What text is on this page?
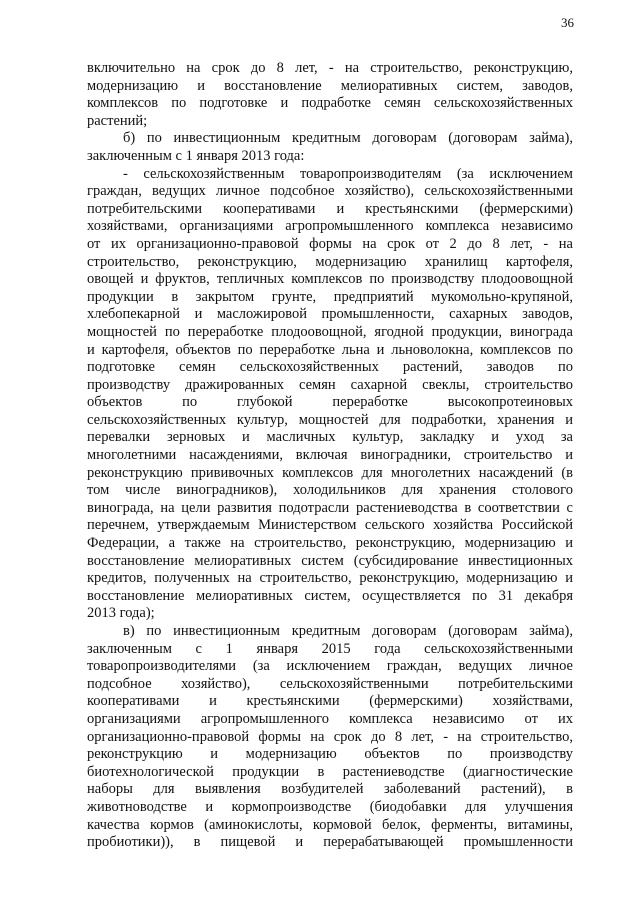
36
включительно на срок до 8 лет, - на строительство, реконструкцию,
модернизацию и восстановление мелиоративных систем, заводов,
комплексов по подготовке и подработке семян сельскохозяйственных
растений;
б) по инвестиционным кредитным договорам (договорам займа),
заключенным с 1 января 2013 года:
- сельскохозяйственным товаропроизводителям (за исключением
граждан, ведущих личное подсобное хозяйство), сельскохозяйственными
потребительскими кооперативами и крестьянскими (фермерскими)
хозяйствами, организациями агропромышленного комплекса независимо
от их организационно-правовой формы на срок от 2 до 8 лет, - на
строительство, реконструкцию, модернизацию хранилищ картофеля,
овощей и фруктов, тепличных комплексов по производству плодоовощной
продукции в закрытом грунте, предприятий мукомольно-крупяной,
хлебопекарной и масложировой промышленности, сахарных заводов,
мощностей по переработке плодоовощной, ягодной продукции, винограда
и картофеля, объектов по переработке льна и льноволокна, комплексов по
подготовке семян сельскохозяйственных растений, заводов по
производству дражированных семян сахарной свеклы, строительство
объектов по глубокой переработке высокопротеиновых
сельскохозяйственных культур, мощностей для подработки, хранения и
перевалки зерновых и масличных культур, закладку и уход за
многолетними насаждениями, включая виноградники, строительство и
реконструкцию прививочных комплексов для многолетних насаждений (в
том числе виноградников), холодильников для хранения столового
винограда, на цели развития подотрасли растениеводства в соответствии с
перечнем, утверждаемым Министерством сельского хозяйства Российской
Федерации, а также на строительство, реконструкцию, модернизацию и
восстановление мелиоративных систем (субсидирование инвестиционных
кредитов, полученных на строительство, реконструкцию, модернизацию и
восстановление мелиоративных систем, осуществляется по 31 декабря
2013 года);
в) по инвестиционным кредитным договорам (договорам займа),
заключенным с 1 января 2015 года сельскохозяйственными
товаропроизводителями (за исключением граждан, ведущих личное
подсобное хозяйство), сельскохозяйственными потребительскими
кооперативами и крестьянскими (фермерскими) хозяйствами,
организациями агропромышленного комплекса независимо от их
организационно-правовой формы на срок до 8 лет, - на строительство,
реконструкцию и модернизацию объектов по производству
биотехнологической продукции в растениеводстве (диагностические
наборы для выявления возбудителей заболеваний растений), в
животноводстве и кормопроизводстве (биодобавки для улучшения
качества кормов (аминокислоты, кормовой белок, ферменты, витамины,
пробиотики)), в пищевой и перерабатывающей промышленности
